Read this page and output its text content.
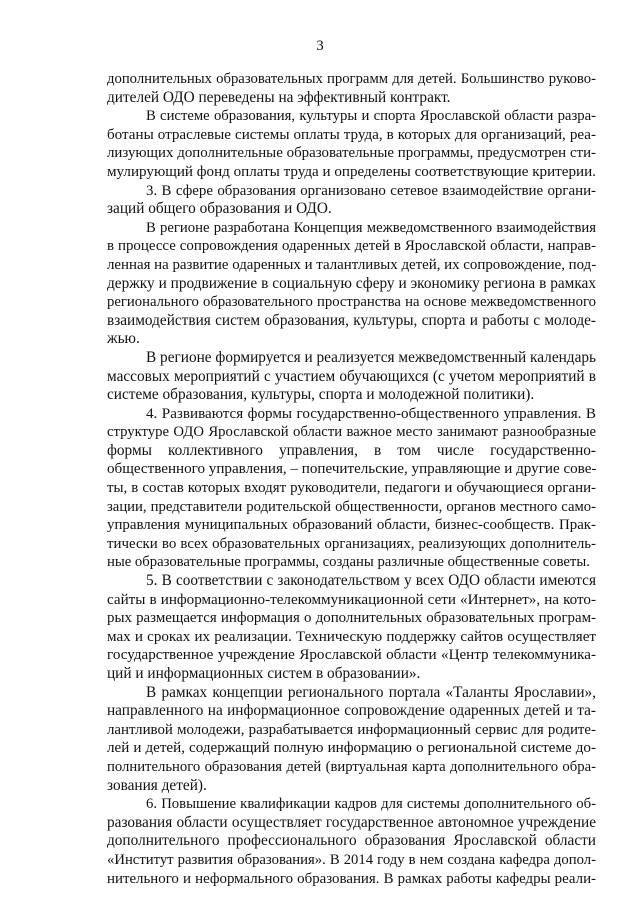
3
дополнительных образовательных программ для детей. Большинство руково-
дителей ОДО переведены на эффективный контракт.
В системе образования, культуры и спорта Ярославской области разра-
ботаны отраслевые системы оплаты труда, в которых для организаций, реа-
лизующих дополнительные образовательные программы, предусмотрен сти-
мулирующий фонд оплаты труда и определены соответствующие критерии.
3. В сфере образования организовано сетевое взаимодействие органи-
заций общего образования и ОДО.
В регионе разработана Концепция межведомственного взаимодействия
в процессе сопровождения одаренных детей в Ярославской области, направ-
ленная на развитие одаренных и талантливых детей, их сопровождение, под-
держку и продвижение в социальную сферу и экономику региона в рамках
регионального образовательного пространства на основе межведомственного
взаимодействия систем образования, культуры, спорта и работы с молоде-
жью.
В регионе формируется и реализуется межведомственный календарь
массовых мероприятий с участием обучающихся (с учетом мероприятий в
системе образования, культуры, спорта и молодежной политики).
4. Развиваются формы государственно-общественного управления. В
структуре ОДО Ярославской области важное место занимают разнообразные
формы коллективного управления, в том числе государственно-
общественного управления, – попечительские, управляющие и другие сове-
ты, в состав которых входят руководители, педагоги и обучающиеся органи-
зации, представители родительской общественности, органов местного само-
управления муниципальных образований области, бизнес-сообществ. Прак-
тически во всех образовательных организациях, реализующих дополнитель-
ные образовательные программы, созданы различные общественные советы.
5. В соответствии с законодательством у всех ОДО области имеются
сайты в информационно-телекоммуникационной сети «Интернет», на кото-
рых размещается информация о дополнительных образовательных програм-
мах и сроках их реализации. Техническую поддержку сайтов осуществляет
государственное учреждение Ярославской области «Центр телекоммуника-
ций и информационных систем в образовании».
В рамках концепции регионального портала «Таланты Ярославии»,
направленного на информационное сопровождение одаренных детей и та-
лантливой молодежи, разрабатывается информационный сервис для родите-
лей и детей, содержащий полную информацию о региональной системе до-
полнительного образования детей (виртуальная карта дополнительного обра-
зования детей).
6. Повышение квалификации кадров для системы дополнительного об-
разования области осуществляет государственное автономное учреждение
дополнительного профессионального образования Ярославской области
«Институт развития образования». В 2014 году в нем создана кафедра допол-
нительного и неформального образования. В рамках работы кафедры реали-
